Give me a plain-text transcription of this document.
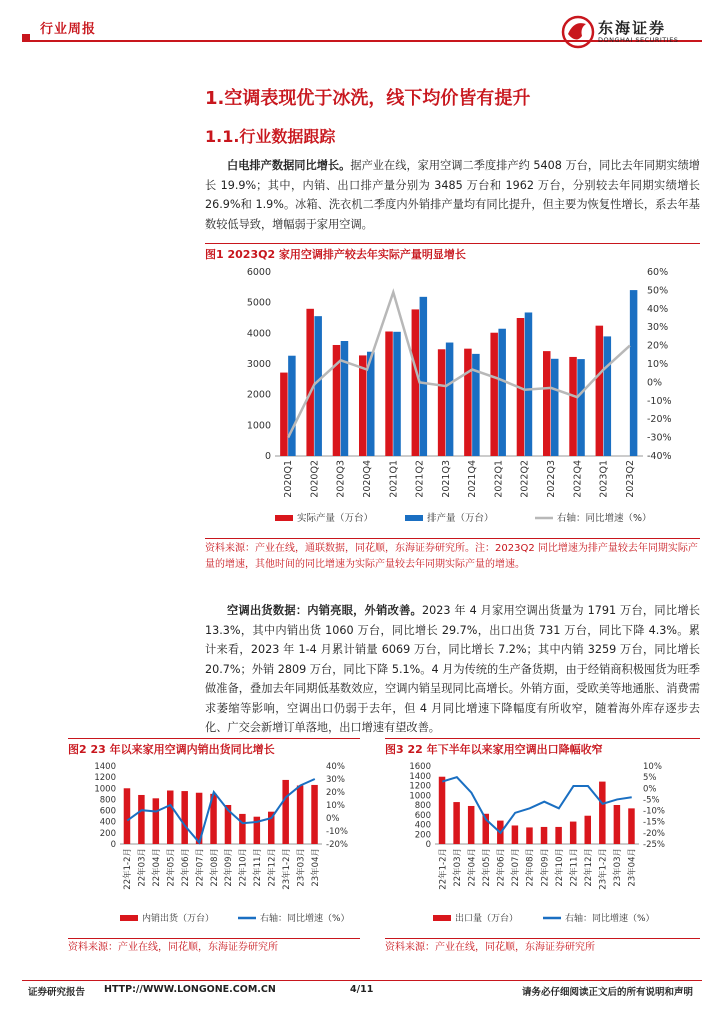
行业周报	东海证券
DONGHAI SECURITIES
1.空调表现优于冰洗，线下均价皆有提升
1.1.行业数据跟踪
白电排产数据同比增长。据产业在线，家用空调二季度排产约 5408 万台，同比去年同期实绩增长 19.9%；其中，内销、出口排产量分别为 3485 万台和 1962 万台，分别较去年同期实绩增长 26.9%和 1.9%。冰箱、洗衣机二季度内外销排产量均有同比提升，但主要为恢复性增长，系去年基数较低导致，增幅弱于家用空调。
图1 2023Q2 家用空调排产较去年实际产量明显增长
0
1000
2000
3000
4000
5000
6000
-40%
-30%
-20%
-10%
0%
10%
20%
30%
40%
50%
60%
2020Q1 2020Q2 2020Q3 2020Q4 2021Q1 2021Q2 2021Q3 2021Q4 2022Q1 2022Q2 2022Q3 2022Q4 2023Q1 2023Q2
实际产量（万台）	排产量（万台）	右轴：同比增速（%）
资料来源：产业在线，通联数据，同花顺，东海证券研究所。注：2023Q2 同比增速为排产量较去年同期实际产量的增速，其他时间的同比增速为实际产量较去年同期实际产量的增速。
空调出货数据：内销亮眼，外销改善。2023 年 4 月家用空调出货量为 1791 万台，同比增长 13.3%，其中内销出货 1060 万台，同比增长 29.7%，出口出货 731 万台，同比下降 4.3%。累计来看，2023 年 1-4 月累计销量 6069 万台，同比增长 7.2%；其中内销 3259 万台，同比增长 20.7%；外销 2809 万台，同比下降 5.1%。4 月为传统的生产备货期，由于经销商积极囤货为旺季做准备，叠加去年同期低基数效应，空调内销呈现同比高增长。外销方面，受欧美等地通胀、消费需求萎缩等影响，空调出口仍弱于去年，但 4 月同比增速下降幅度有所收窄，随着海外库存逐步去化、广交会新增订单落地，出口增速有望改善。
图2 23 年以来家用空调内销出货同比增长
0
200
400
600
800
1000
1200
1400
-20%
-10%
0%
10%
20%
30%
40%
22年1-2月 22年03月 22年04月 22年05月 22年06月 22年07月 22年08月 22年09月 22年10月 22年11月 22年12月 23年1-2月 23年03月 23年04月
内销出货（万台）	右轴：同比增速（%）
资料来源：产业在线，同花顺，东海证券研究所
图3 22 年下半年以来家用空调出口降幅收窄
0
200
400
600
800
1000
1200
1400
1600
-25%
-20%
-15%
-10%
-5%
0%
5%
10%
22年1-2月 22年03月 22年04月 22年05月 22年06月 22年07月 22年08月 22年09月 22年10月 22年11月 22年12月 23年1-2月 23年03月 23年04月
出口量（万台）	右轴：同比增速（%）
资料来源：产业在线，同花顺，东海证券研究所
证券研究报告 HTTP://WWW.LONGONE.COM.CN	4/11	请务必仔细阅读正文后的所有说明和声明
